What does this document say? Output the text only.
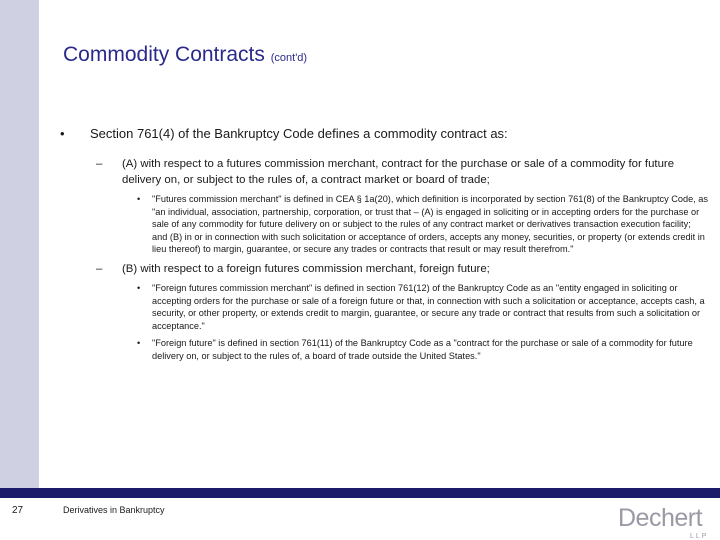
Commodity Contracts (cont'd)
• Section 761(4) of the Bankruptcy Code defines a commodity contract as:
– (A) with respect to a futures commission merchant, contract for the purchase or sale of a commodity for future delivery on, or subject to the rules of, a contract market or board of trade;
• "Futures commission merchant" is defined in CEA § 1a(20), which definition is incorporated by section 761(8) of the Bankruptcy Code, as "an individual, association, partnership, corporation, or trust that – (A) is engaged in soliciting or in accepting orders for the purchase or sale of any commodity for future delivery on or subject to the rules of any contract market or derivatives transaction execution facility; and (B) in or in connection with such solicitation or acceptance of orders, accepts any money, securities, or property (or extends credit in lieu thereof) to margin, guarantee, or secure any trades or contracts that result or may result therefrom."
– (B) with respect to a foreign futures commission merchant, foreign future;
• "Foreign futures commission merchant" is defined in section 761(12) of the Bankruptcy Code as an "entity engaged in soliciting or accepting orders for the purchase or sale of a foreign future or that, in connection with such a solicitation or acceptance, accepts cash, a security, or other property, or extends credit to margin, guarantee, or secure any trade or contract that results from such a solicitation or acceptance."
• "Foreign future" is defined in section 761(11) of the Bankruptcy Code as a "contract for the purchase or sale of a commodity for future delivery on, or subject to the rules of, a board of trade outside the United States."
27	Derivatives in Bankruptcy	Dechert
LLP
